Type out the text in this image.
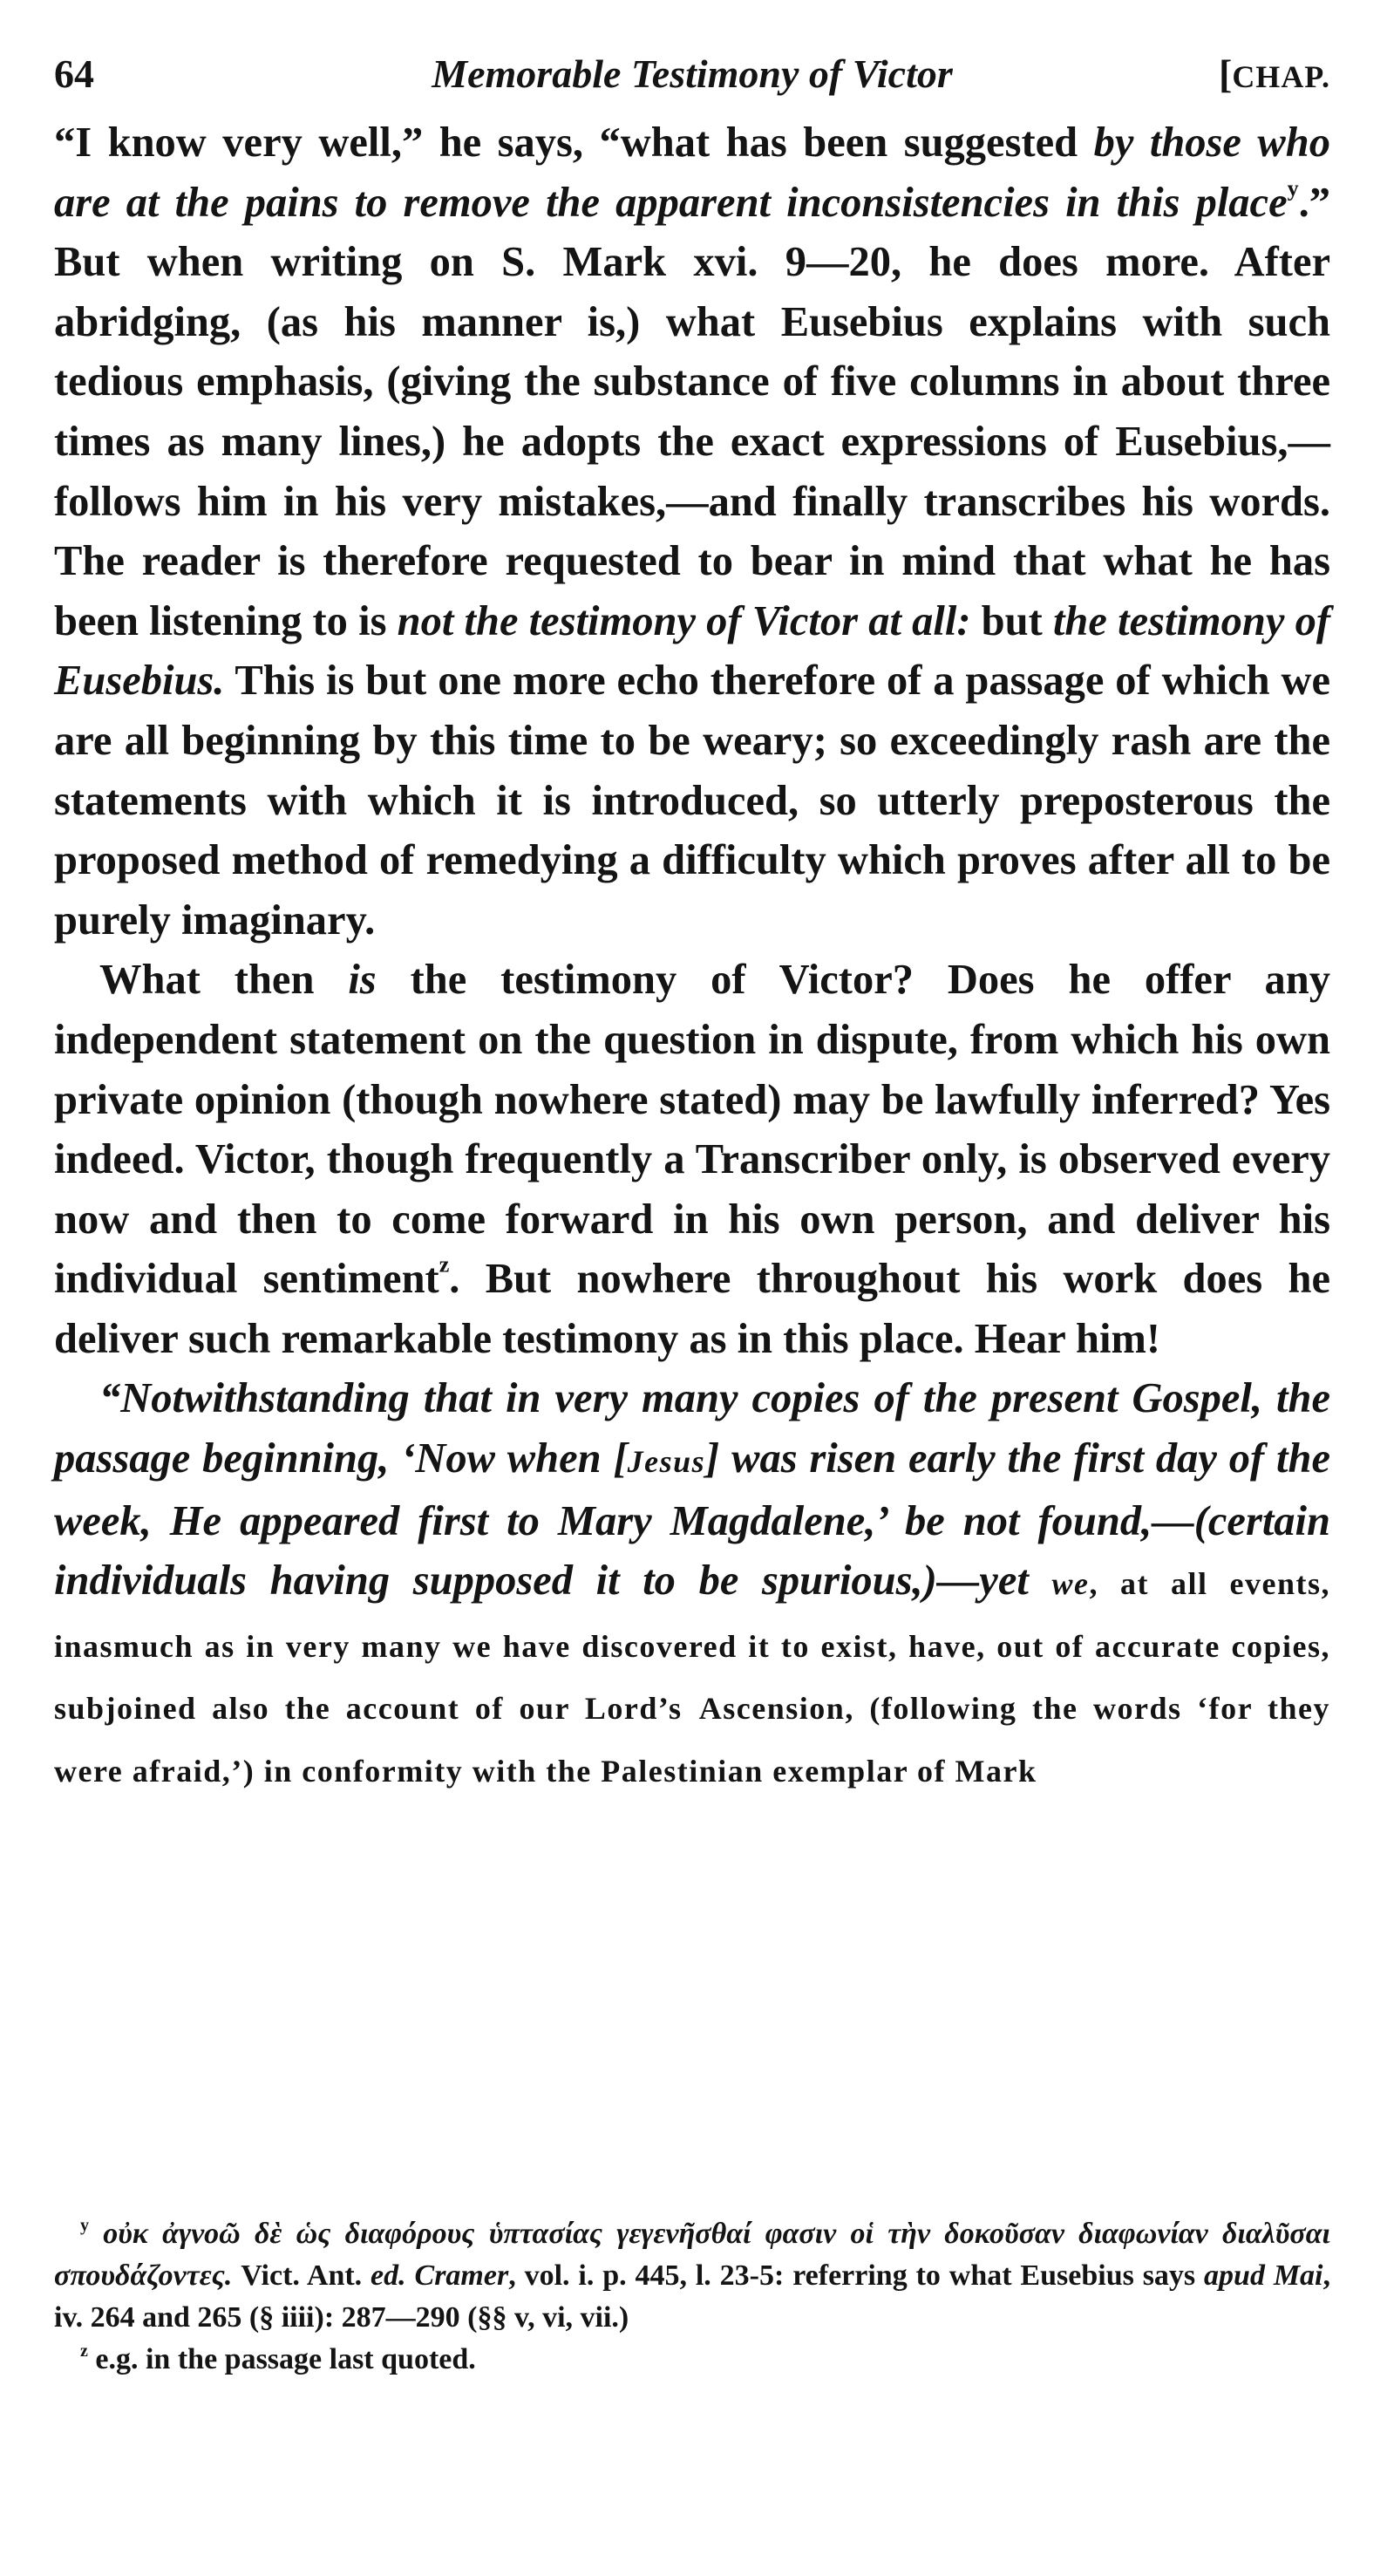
64	Memorable Testimony of Victor	[CHAP.

“I know very well,” he says, “what has been suggested by those who are at the pains to remove the apparent inconsistencies in this place$^y$.” But when writing on S. Mark xvi. 9—20, he does more. After abridging, (as his manner is,) what Eusebius explains with such tedious emphasis, (giving the substance of five columns in about three times as many lines,) he adopts the exact expressions of Eusebius,—follows him in his very mistakes,—and finally transcribes his words. The reader is therefore requested to bear in mind that what he has been listening to is not the testimony of Victor at all: but the testimony of Eusebius. This is but one more echo therefore of a passage of which we are all beginning by this time to be weary; so exceedingly rash are the statements with which it is introduced, so utterly preposterous the proposed method of remedying a difficulty which proves after all to be purely imaginary.

What then is the testimony of Victor? Does he offer any independent statement on the question in dispute, from which his own private opinion (though nowhere stated) may be lawfully inferred? Yes indeed. Victor, though frequently a Transcriber only, is observed every now and then to come forward in his own person, and deliver his individual sentiment$^z$. But nowhere throughout his work does he deliver such remarkable testimony as in this place. Hear him!

“Notwithstanding that in very many copies of the present Gospel, the passage beginning, ‘Now when [Jesus] was risen early the first day of the week, He appeared first to Mary Magdalene,’ be not found,—(certain individuals having supposed it to be spurious,)—yet we, at all events, inasmuch as in very many we have discovered it to exist, have, out of accurate copies, subjoined also the account of our Lord’s Ascension, (following the words ‘for they were afraid,’) in conformity with the Palestinian exemplar of Mark

$^y$ οὐκ ἀγνοῶ δὲ ὡς διαφόρους ὑπτασίας γεγενῆσθαί φασιν οἱ τὴν δοκοῦσαν διαφωνίαν διαλῦσαι σπουδάζοντες. Vict. Ant. ed. Cramer, vol. i. p. 445, l. 23-5: referring to what Eusebius says apud Mai, iv. 264 and 265 (§ iiii): 287—290 (§§ v, vi, vii.)

$^z$ e.g. in the passage last quoted.
